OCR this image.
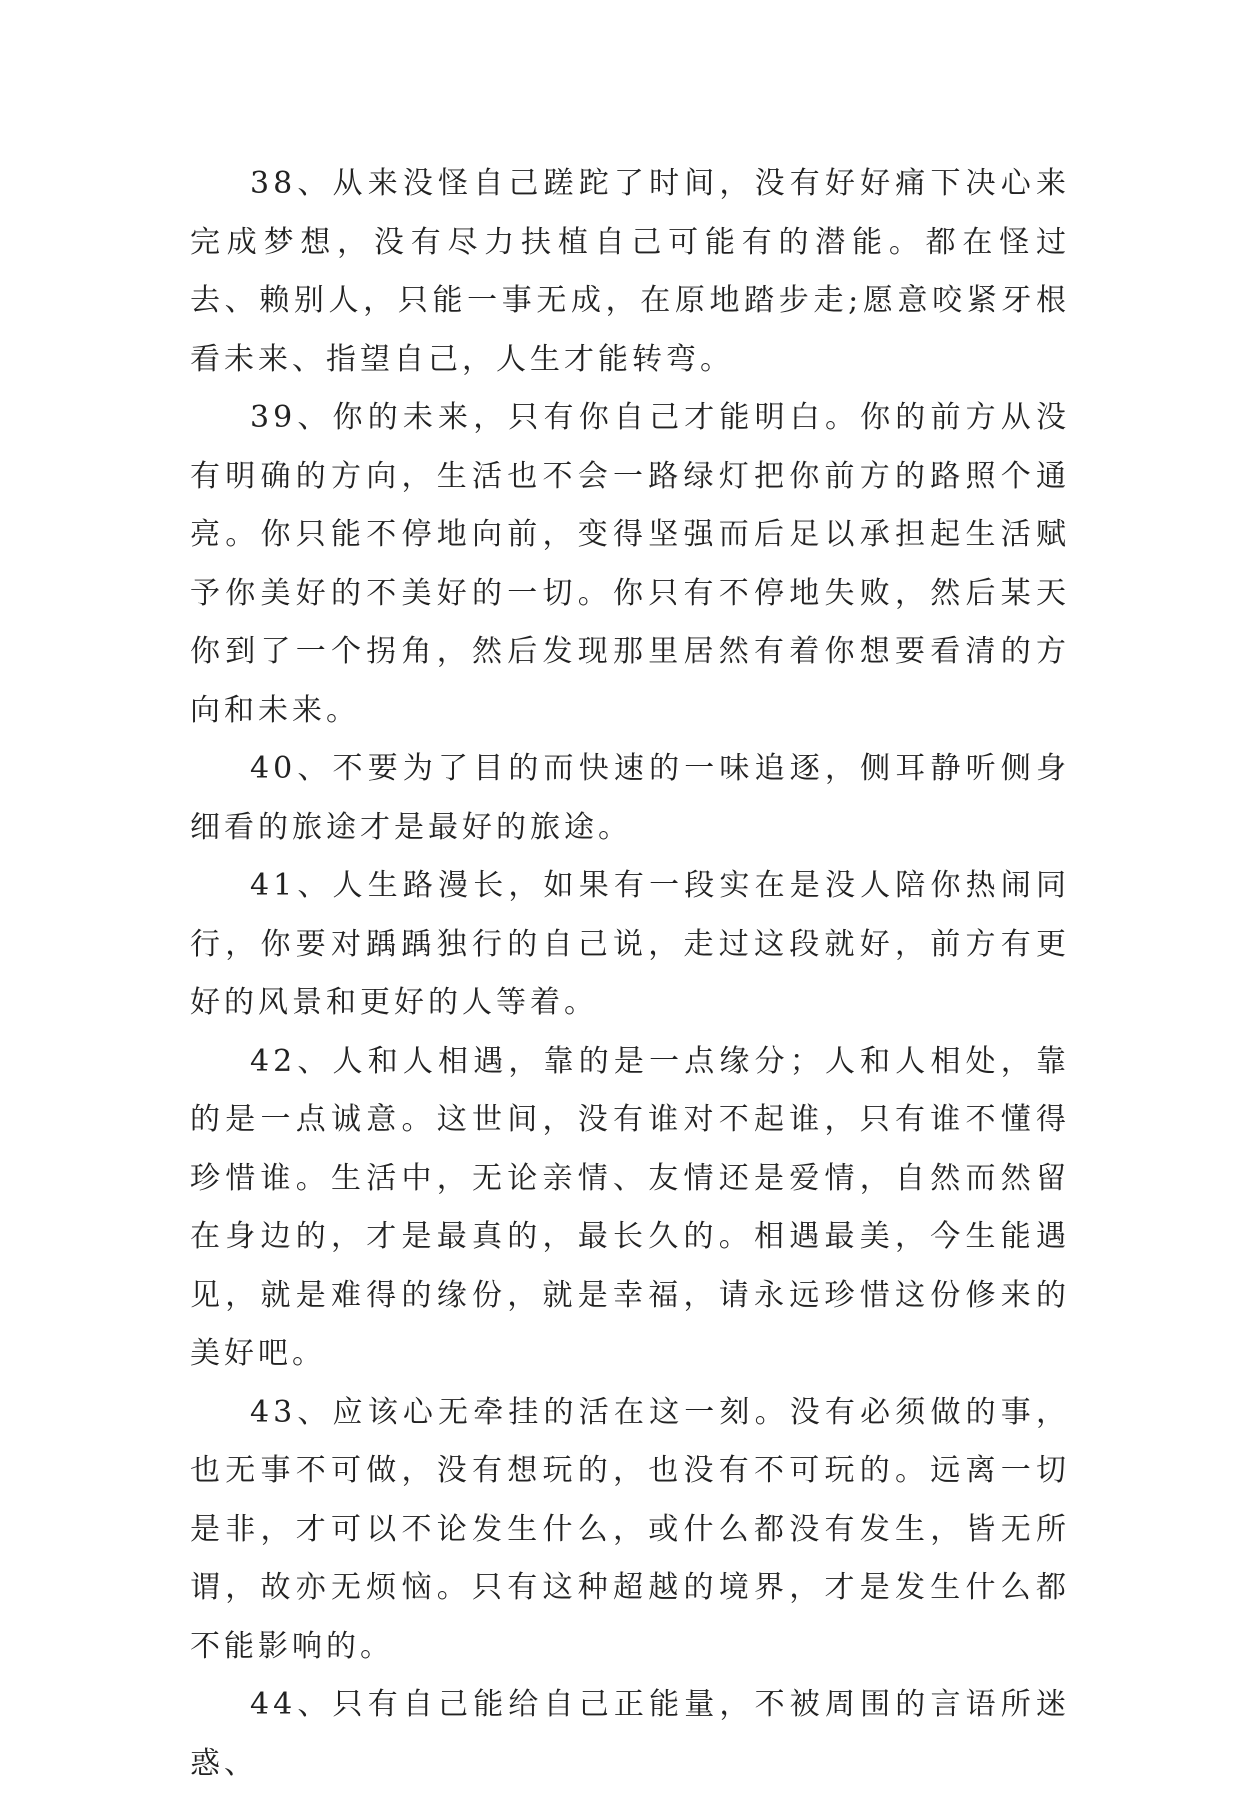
38、从来没怪自己蹉跎了时间，没有好好痛下决心来完成梦想，没有尽力扶植自己可能有的潜能。都在怪过去、赖别人，只能一事无成，在原地踏步走;愿意咬紧牙根看未来、指望自己，人生才能转弯。

39、你的未来，只有你自己才能明白。你的前方从没有明确的方向，生活也不会一路绿灯把你前方的路照个通亮。你只能不停地向前，变得坚强而后足以承担起生活赋予你美好的不美好的一切。你只有不停地失败，然后某天你到了一个拐角，然后发现那里居然有着你想要看清的方向和未来。

40、不要为了目的而快速的一味追逐，侧耳静听侧身细看的旅途才是最好的旅途。

41、人生路漫长，如果有一段实在是没人陪你热闹同行，你要对踽踽独行的自己说，走过这段就好，前方有更好的风景和更好的人等着。

42、人和人相遇，靠的是一点缘分；人和人相处，靠的是一点诚意。这世间，没有谁对不起谁，只有谁不懂得珍惜谁。生活中，无论亲情、友情还是爱情，自然而然留在身边的，才是最真的，最长久的。相遇最美，今生能遇见，就是难得的缘份，就是幸福，请永远珍惜这份修来的美好吧。

43、应该心无牵挂的活在这一刻。没有必须做的事，也无事不可做，没有想玩的，也没有不可玩的。远离一切是非，才可以不论发生什么，或什么都没有发生，皆无所谓，故亦无烦恼。只有这种超越的境界，才是发生什么都不能影响的。

44、只有自己能给自己正能量，不被周围的言语所迷惑、
